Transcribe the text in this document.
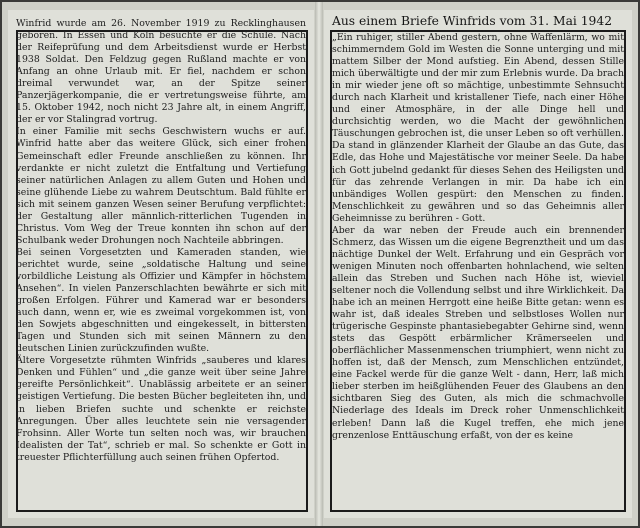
Winfrid wurde am 26. November 1919 zu Recklinghausen geboren. In Essen und Köln besuchte er die Schule. Nach der Reifeprüfung und dem Arbeitsdienst wurde er Herbst 1938 Soldat. Den Feldzug gegen Rußland machte er von Anfang an ohne Urlaub mit. Er fiel, nachdem er schon dreimal verwundet war, an der Spitze seiner Panzerjägerkompanie, die er vertretungsweise führte, am 15. Oktober 1942, noch nicht 23 Jahre alt, in einem Angriff, der er vor Stalingrad vortrug.

In einer Familie mit sechs Geschwistern wuchs er auf. Winfrid hatte aber das weitere Glück, sich einer frohen Gemeinschaft edler Freunde anschließen zu können. Ihr verdankte er nicht zuletzt die Entfaltung und Vertiefung seiner natürlichen Anlagen zu allem Guten und Hohen und seine glühende Liebe zu wahrem Deutschtum. Bald fühlte er sich mit seinem ganzen Wesen seiner Berufung verpflichtet: der Gestaltung aller männlich-ritterlichen Tugenden in Christus. Vom Weg der Treue konnten ihn schon auf der Schulbank weder Drohungen noch Nachteile abbringen.

Bei seinen Vorgesetzten und Kameraden standen, wie berichtet wurde, seine „soldatische Haltung und seine vorbildliche Leistung als Offizier und Kämpfer in höchstem Ansehen“. In vielen Panzerschlachten bewährte er sich mit großen Erfolgen. Führer und Kamerad war er besonders auch dann, wenn er, wie es zweimal vorgekommen ist, von den Sowjets abgeschnitten und eingekesselt, in bittersten Tagen und Stunden sich mit seinen Männern zu den deutschen Linien zurückzufinden wußte.

Ältere Vorgesetzte rühmten Winfrids „sauberes und klares Denken und Fühlen“ und „die ganze weit über seine Jahre gereifte Persönlichkeit“. Unablässig arbeitete er an seiner geistigen Vertiefung. Die besten Bücher begleiteten ihn, und in lieben Briefen suchte und schenkte er reichste Anregungen. Über alles leuchtete sein nie versagender Frohsinn. Aller Worte tun selten noch was, wir brauchen Idealisten der Tat“, schrieb er mal. So schenkte er Gott in treuester Pflichterfüllung auch seinen frühen Opfertod.

Aus einem Briefe Winfrids vom 31. Mai 1942

„Ein ruhiger, stiller Abend gestern, ohne Waffenlärm, wo mit schimmerndem Gold im Westen die Sonne unterging und mit mattem Silber der Mond aufstieg. Ein Abend, dessen Stille mich überwältigte und der mir zum Erlebnis wurde. Da brach in mir wieder jene oft so mächtige, unbestimmte Sehnsucht durch nach Klarheit und kristallener Tiefe, nach einer Höhe und einer Atmosphäre, in der alle Dinge hell und durchsichtig werden, wo die Macht der gewöhnlichen Täuschungen gebrochen ist, die unser Leben so oft verhüllen. Da stand in glänzender Klarheit der Glaube an das Gute, das Edle, das Hohe und Majestätische vor meiner Seele. Da habe ich Gott jubelnd gedankt für dieses Sehen des Heiligsten und für das zehrende Verlangen in mir. Da habe ich ein unbändiges Wollen gespürt: den Menschen zu finden. Menschlichkeit zu gewähren und so das Geheimnis aller Geheimnisse zu berühren - Gott.

Aber da war neben der Freude auch ein brennender Schmerz, das Wissen um die eigene Begrenztheit und um das nächtige Dunkel der Welt. Erfahrung und ein Gespräch vor wenigen Minuten noch offenbarten hohnlachend, wie selten allein das Streben und Suchen nach Höhe ist, wieviel seltener noch die Vollendung selbst und ihre Wirklichkeit. Da habe ich an meinen Herrgott eine heiße Bitte getan: wenn es wahr ist, daß ideales Streben und selbstloses Wollen nur trügerische Gespinste phantasiebegabter Gehirne sind, wenn stets das Gespött erbärmlicher Krämerseelen und oberflächlicher Massenmenschen triumphiert, wenn nicht zu hoffen ist, daß der Mensch, zum Menschlichen entzündet, eine Fackel werde für die ganze Welt - dann, Herr, laß mich lieber sterben im heißglühenden Feuer des Glaubens an den sichtbaren Sieg des Guten, als mich die schmachvolle Niederlage des Ideals im Dreck roher Unmenschlichkeit erleben! Dann laß die Kugel treffen, ehe mich jene grenzenlose Enttäuschung erfaßt, von der es keine
